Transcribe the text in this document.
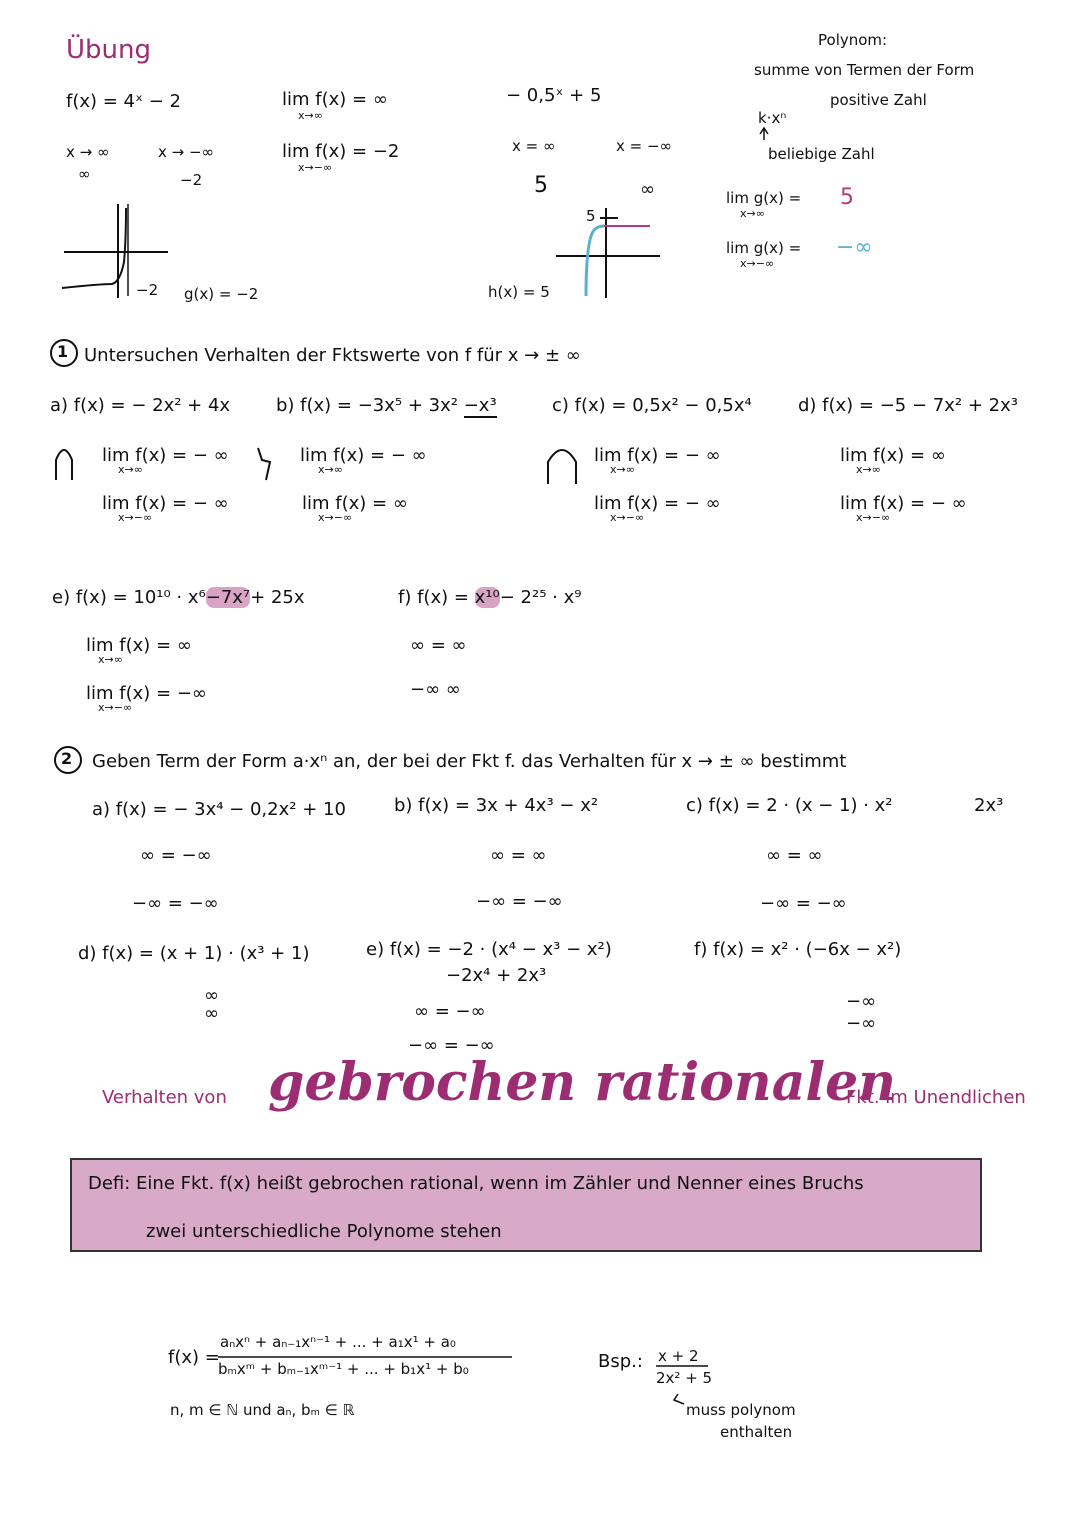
Übung	Polynom:
summe von Termen der Form
k·xⁿ
positive Zahl
beliebige Zahl
f(x) = 4ˣ − 2
x → ∞	x → −∞
∞	−2
lim f(x) = ∞
x→∞
lim f(x) = −2
x→−∞
g(x) = −2
−2
− 0,5ˣ + 5
x = ∞	x = −∞
5	∞
h(x) = 5
5
lim g(x) =
x→∞
5
lim g(x) =
x→−∞
−∞
1 Untersuchen Verhalten der Fktswerte von f für x → ± ∞
a) f(x) = − 2x² + 4x
lim f(x) = − ∞
x→∞
lim f(x) = − ∞
x→−∞
b) f(x) = −3x⁵ + 3x² −x³
lim f(x) = − ∞
x→∞
lim f(x) = ∞
x→−∞
c) f(x) = 0,5x² − 0,5x⁴
lim f(x) = − ∞
x→∞
lim f(x) = − ∞
x→−∞
d) f(x) = −5 − 7x² + 2x³
lim f(x) = ∞
x→∞
lim f(x) = − ∞
x→−∞
e) f(x) = 10¹⁰ · x⁶−7x⁷+ 25x
lim f(x) = ∞
x→∞
lim f(x) = −∞
x→−∞
f) f(x) = x¹⁰− 2²⁵ · x⁹
∞ = ∞
−∞ ∞
2 Geben Term der Form a·xⁿ an, der bei der Fkt f. das Verhalten für x → ± ∞ bestimmt
a) f(x) = − 3x⁴ − 0,2x² + 10
∞ = −∞
−∞ = −∞
b) f(x) = 3x + 4x³ − x²
∞ = ∞
−∞ = −∞
c) f(x) = 2 · (x − 1) · x²	2x³
∞ = ∞
−∞ = −∞
d) f(x) = (x + 1) · (x³ + 1)
∞
∞
e) f(x) = −2 · (x⁴ − x³ − x²)
−2x⁴ + 2x³
∞ = −∞
−∞ = −∞
f) f(x) = x² · (−6x − x²)
−∞
−∞
Verhalten von gebrochen rationalen
Fkt. im Unendlichen
Defi: Eine Fkt. f(x) heißt gebrochen rational, wenn im Zähler und Nenner eines Bruchs
zwei unterschiedliche Polynome stehen
f(x) =
aₙxⁿ + aₙ₋₁xⁿ⁻¹ + ... + a₁x¹ + a₀
bₘxᵐ + bₘ₋₁xᵐ⁻¹ + ... + b₁x¹ + b₀
n, m ∈ ℕ und aₙ, bₘ ∈ ℝ
Bsp.: x + 2
2x² + 5
muss polynom
enthalten
